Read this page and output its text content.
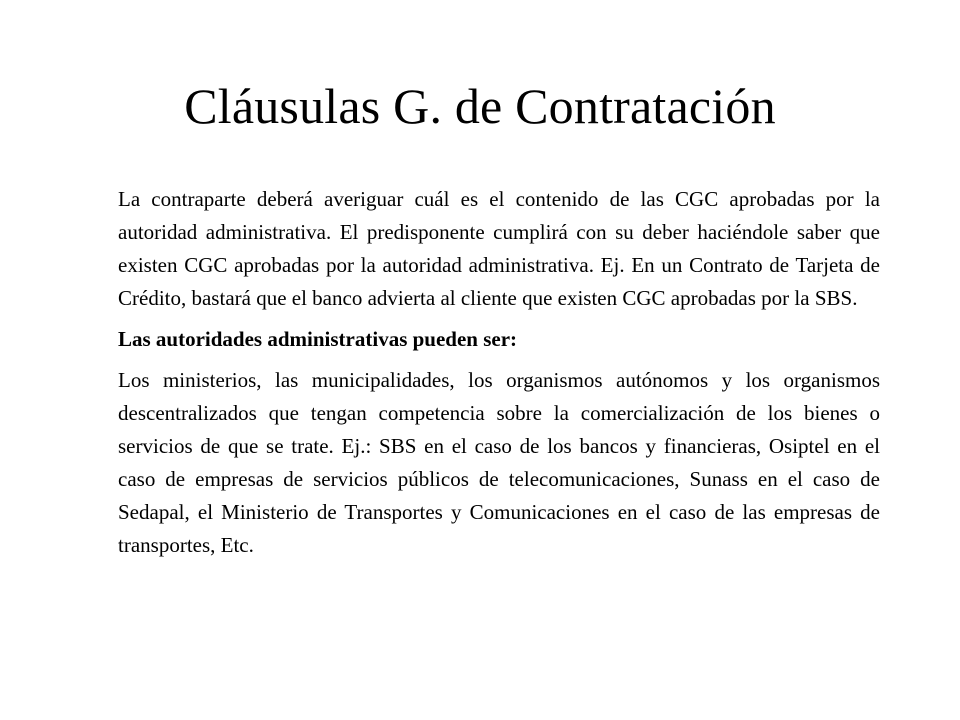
Cláusulas G. de Contratación

La contraparte deberá averiguar cuál es el contenido de las CGC aprobadas por la autoridad administrativa. El predisponente cumplirá con su deber haciéndole saber que existen CGC aprobadas por la autoridad administrativa. Ej. En un Contrato de Tarjeta de Crédito, bastará que el banco advierta al cliente que existen CGC aprobadas por la SBS.

Las autoridades administrativas pueden ser:

Los ministerios, las municipalidades, los organismos autónomos y los organismos descentralizados que tengan competencia sobre la comercialización de los bienes o servicios de que se trate. Ej.: SBS en el caso de los bancos y financieras, Osiptel en el caso de empresas de servicios públicos de telecomunicaciones, Sunass en el caso de Sedapal, el Ministerio de Transportes y Comunicaciones en el caso de las empresas de transportes, Etc.
